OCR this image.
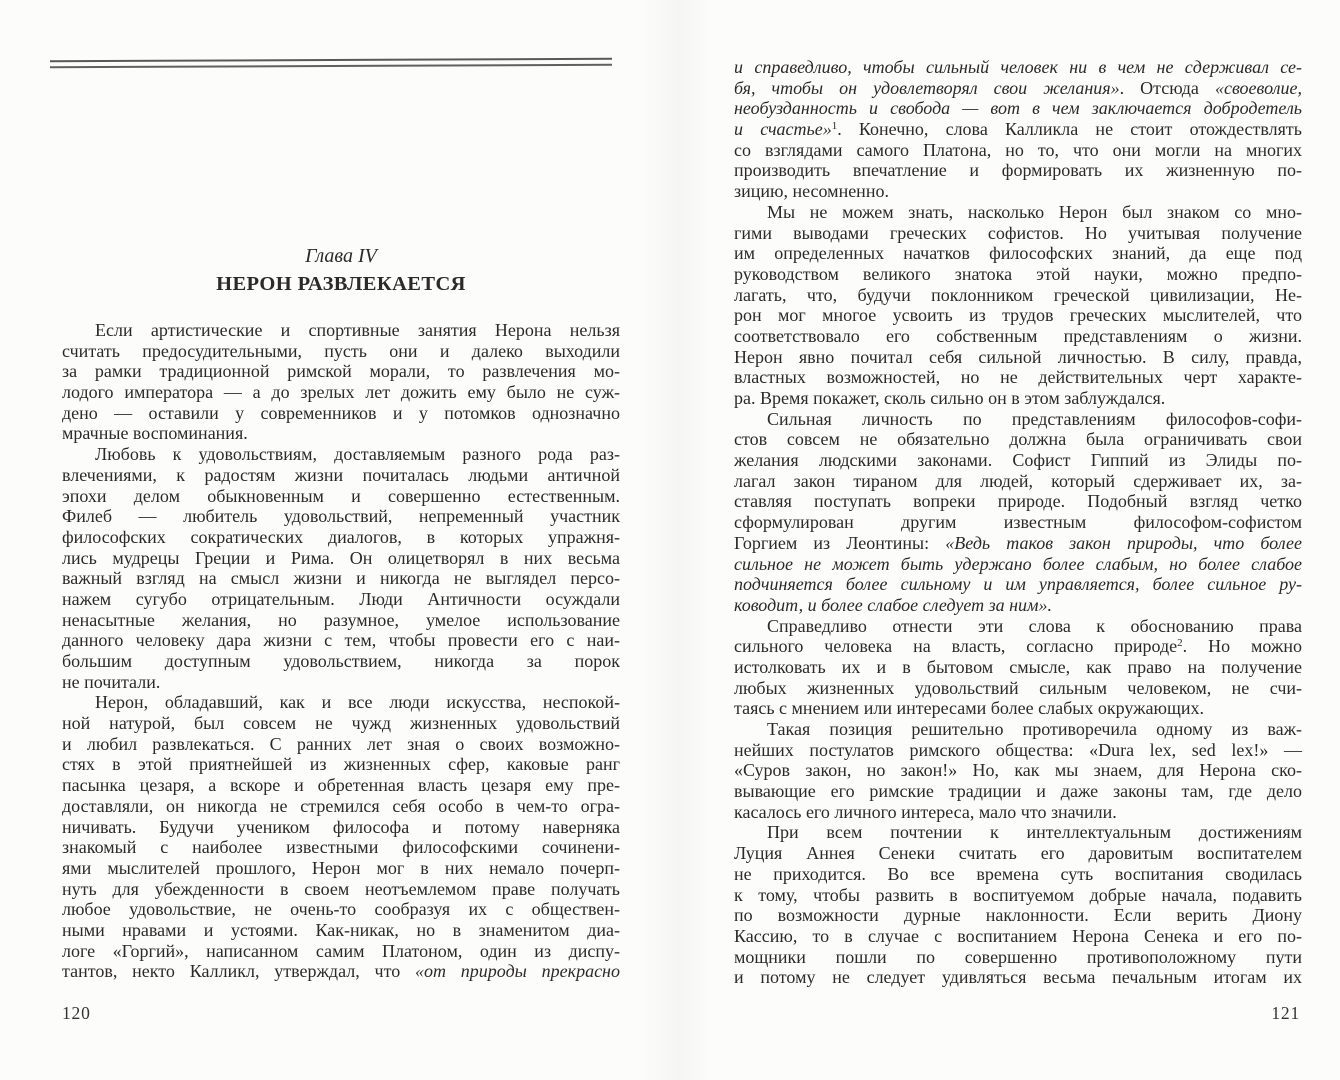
Глава IV
НЕРОН РАЗВЛЕКАЕТСЯ
Если артистические и спортивные занятия Нерона нельзя
считать предосудительными, пусть они и далеко выходили
за рамки традиционной римской морали, то развлечения мо-
лодого императора — а до зрелых лет дожить ему было не суж-
дено — оставили у современников и у потомков однозначно
мрачные воспоминания.
Любовь к удовольствиям, доставляемым разного рода раз-
влечениями, к радостям жизни почиталась людьми античной
эпохи делом обыкновенным и совершенно естественным.
Филеб — любитель удовольствий, непременный участник
философских сократических диалогов, в которых упражня-
лись мудрецы Греции и Рима. Он олицетворял в них весьма
важный взгляд на смысл жизни и никогда не выглядел персо-
нажем сугубо отрицательным. Люди Античности осуждали
ненасытные желания, но разумное, умелое использование
данного человеку дара жизни с тем, чтобы провести его с наи-
большим доступным удовольствием, никогда за порок
не почитали.
Нерон, обладавший, как и все люди искусства, неспокой-
ной натурой, был совсем не чужд жизненных удовольствий
и любил развлекаться. С ранних лет зная о своих возможно-
стях в этой приятнейшей из жизненных сфер, каковые ранг
пасынка цезаря, а вскоре и обретенная власть цезаря ему пре-
доставляли, он никогда не стремился себя особо в чем-то огра-
ничивать. Будучи учеником философа и потому наверняка
знакомый с наиболее известными философскими сочинени-
ями мыслителей прошлого, Нерон мог в них немало почерп-
нуть для убежденности в своем неотъемлемом праве получать
любое удовольствие, не очень-то сообразуя их с обществен-
ными нравами и устоями. Как-никак, но в знаменитом диа-
логе «Горгий», написанном самим Платоном, один из диспу-
тантов, некто Калликл, утверждал, что «от природы прекрасно
120
и справедливо, чтобы сильный человек ни в чем не сдерживал се-
бя, чтобы он удовлетворял свои желания». Отсюда «своеволие,
необузданность и свобода — вот в чем заключается добродетель
и счастье»$^1$. Конечно, слова Калликла не стоит отождествлять
со взглядами самого Платона, но то, что они могли на многих
производить впечатление и формировать их жизненную по-
зицию, несомненно.
Мы не можем знать, насколько Нерон был знаком со мно-
гими выводами греческих софистов. Но учитывая получение
им определенных начатков философских знаний, да еще под
руководством великого знатока этой науки, можно предпо-
лагать, что, будучи поклонником греческой цивилизации, Не-
рон мог многое усвоить из трудов греческих мыслителей, что
соответствовало его собственным представлениям о жизни.
Нерон явно почитал себя сильной личностью. В силу, правда,
властных возможностей, но не действительных черт характе-
ра. Время покажет, сколь сильно он в этом заблуждался.
Сильная личность по представлениям философов-софи-
стов совсем не обязательно должна была ограничивать свои
желания людскими законами. Софист Гиппий из Элиды по-
лагал закон тираном для людей, который сдерживает их, за-
ставляя поступать вопреки природе. Подобный взгляд четко
сформулирован другим известным философом-софистом
Горгием из Леонтины: «Ведь таков закон природы, что более
сильное не может быть удержано более слабым, но более слабое
подчиняется более сильному и им управляется, более сильное ру-
ководит, и более слабое следует за ним».
Справедливо отнести эти слова к обоснованию права
сильного человека на власть, согласно природе$^2$. Но можно
истолковать их и в бытовом смысле, как право на получение
любых жизненных удовольствий сильным человеком, не счи-
таясь с мнением или интересами более слабых окружающих.
Такая позиция решительно противоречила одному из важ-
нейших постулатов римского общества: «Dura lex, sed lex!» —
«Суров закон, но закон!» Но, как мы знаем, для Нерона ско-
вывающие его римские традиции и даже законы там, где дело
касалось его личного интереса, мало что значили.
При всем почтении к интеллектуальным достижениям
Луция Аннея Сенеки считать его даровитым воспитателем
не приходится. Во все времена суть воспитания сводилась
к тому, чтобы развить в воспитуемом добрые начала, подавить
по возможности дурные наклонности. Если верить Диону
Кассию, то в случае с воспитанием Нерона Сенека и его по-
мощники пошли по совершенно противоположному пути
и потому не следует удивляться весьма печальным итогам их
121
